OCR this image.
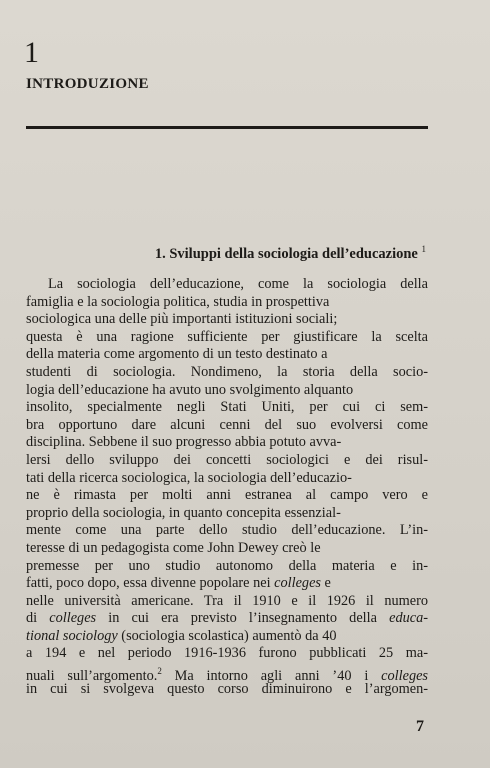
1
INTRODUZIONE
1. Sviluppi della sociologia dell’educazione $^1$
La sociologia dell’educazione, come la sociologia della
famiglia e la sociologia politica, studia in prospettiva
sociologica una delle più importanti istituzioni sociali;
questa è una ragione sufficiente per giustificare la scelta
della materia come argomento di un testo destinato a
studenti di sociologia. Nondimeno, la storia della socio-
logia dell’educazione ha avuto uno svolgimento alquanto
insolito, specialmente negli Stati Uniti, per cui ci sem-
bra opportuno dare alcuni cenni del suo evolversi come
disciplina. Sebbene il suo progresso abbia potuto avva-
lersi dello sviluppo dei concetti sociologici e dei risul-
tati della ricerca sociologica, la sociologia dell’educazio-
ne è rimasta per molti anni estranea al campo vero e
proprio della sociologia, in quanto concepita essenzial-
mente come una parte dello studio dell’educazione. L’in-
teresse di un pedagogista come John Dewey creò le
premesse per uno studio autonomo della materia e in-
fatti, poco dopo, essa divenne popolare nei colleges e
nelle università americane. Tra il 1910 e il 1926 il numero
di colleges in cui era previsto l’insegnamento della educa-
tional sociology (sociologia scolastica) aumentò da 40
a 194 e nel periodo 1916-1936 furono pubblicati 25 ma-
nuali sull’argomento.$^2$ Ma intorno agli anni ’40 i colleges
in cui si svolgeva questo corso diminuirono e l’argomen-
7
